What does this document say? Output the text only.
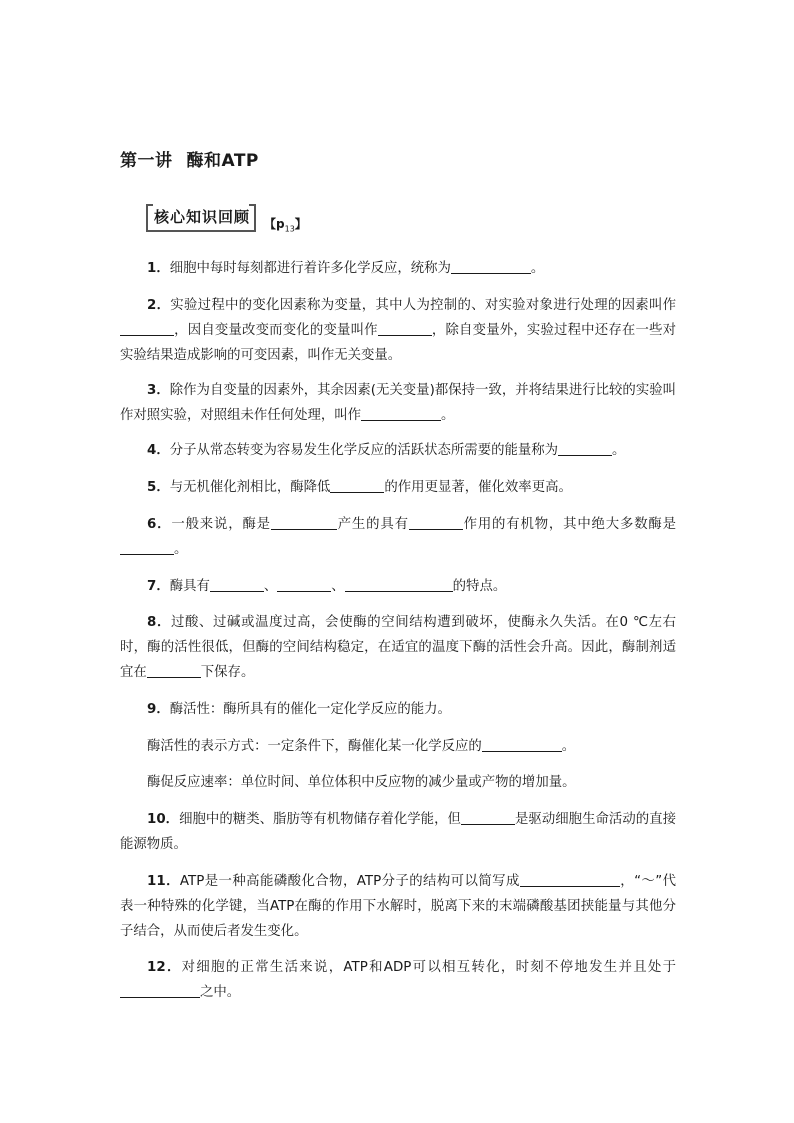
第一讲 酶和ATP
核心知识回顾 $_{【p_{13}】}$
1．细胞中每时每刻都进行着许多化学反应，统称为	。
2．实验过程中的变化因素称为变量，其中人为控制的、对实验对象进行处理的因素叫作，因自变量改变而变化的变量叫作	，除自变量外，实验过程中还存在一些对实验结果造成影响的可变因素，叫作无关变量。
3．除作为自变量的因素外，其余因素(无关变量)都保持一致，并将结果进行比较的实验叫作对照实验，对照组未作任何处理，叫作	。
4．分子从常态转变为容易发生化学反应的活跃状态所需要的能量称为	。
5．与无机催化剂相比，酶降低	的作用更显著，催化效率更高。
6．一般来说，酶是	产生的具有	作用的有机物，其中绝大多数酶是。
7．酶具有	、	、	的特点。
8．过酸、过碱或温度过高，会使酶的空间结构遭到破坏，使酶永久失活。在0 ℃左右时，酶的活性很低，但酶的空间结构稳定，在适宜的温度下酶的活性会升高。因此，酶制剂适宜在	下保存。
9．酶活性：酶所具有的催化一定化学反应的能力。
酶活性的表示方式：一定条件下，酶催化某一化学反应的	。
酶促反应速率：单位时间、单位体积中反应物的减少量或产物的增加量。
10．细胞中的糖类、脂肪等有机物储存着化学能，但	是驱动细胞生命活动的直接能源物质。
11．ATP是一种高能磷酸化合物，ATP分子的结构可以简写成	，“～”代表一种特殊的化学键，当ATP在酶的作用下水解时，脱离下来的末端磷酸基团挟能量与其他分子结合，从而使后者发生变化。
12．对细胞的正常生活来说，ATP和ADP可以相互转化，时刻不停地发生并且处于之中。
